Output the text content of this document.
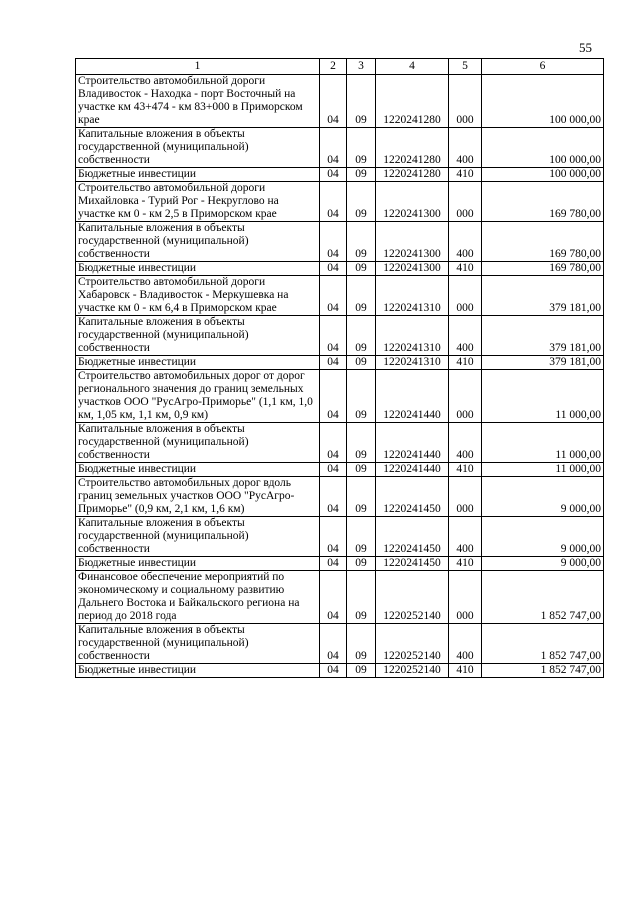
55
1	2	3	4	5	6
Строительство автомобильной дороги Владивосток - Находка - порт Восточный на участке км 43+474 - км 83+000 в Приморском крае	04	09	1220241280	000	100 000,00
Капитальные вложения в объекты государственной (муниципальной) собственности	04	09	1220241280	400	100 000,00
Бюджетные инвестиции	04	09	1220241280	410	100 000,00
Строительство автомобильной дороги Михайловка - Турий Рог - Некруглово на участке км 0 - км 2,5 в Приморском крае	04	09	1220241300	000	169 780,00
Капитальные вложения в объекты государственной (муниципальной) собственности	04	09	1220241300	400	169 780,00
Бюджетные инвестиции	04	09	1220241300	410	169 780,00
Строительство автомобильной дороги Хабаровск - Владивосток - Меркушевка на участке км 0 - км 6,4 в Приморском крае	04	09	1220241310	000	379 181,00
Капитальные вложения в объекты государственной (муниципальной) собственности	04	09	1220241310	400	379 181,00
Бюджетные инвестиции	04	09	1220241310	410	379 181,00
Строительство автомобильных дорог от дорог регионального значения до границ земельных участков ООО "РусАгро-Приморье" (1,1 км, 1,0 км, 1,05 км, 1,1 км, 0,9 км)	04	09	1220241440	000	11 000,00
Капитальные вложения в объекты государственной (муниципальной) собственности	04	09	1220241440	400	11 000,00
Бюджетные инвестиции	04	09	1220241440	410	11 000,00
Строительство автомобильных дорог вдоль границ земельных участков ООО "РусАгро-Приморье" (0,9 км, 2,1 км, 1,6 км)	04	09	1220241450	000	9 000,00
Капитальные вложения в объекты государственной (муниципальной) собственности	04	09	1220241450	400	9 000,00
Бюджетные инвестиции	04	09	1220241450	410	9 000,00
Финансовое обеспечение мероприятий по экономическому и социальному развитию Дальнего Востока и Байкальского региона на период до 2018 года	04	09	1220252140	000	1 852 747,00
Капитальные вложения в объекты государственной (муниципальной) собственности	04	09	1220252140	400	1 852 747,00
Бюджетные инвестиции	04	09	1220252140	410	1 852 747,00
